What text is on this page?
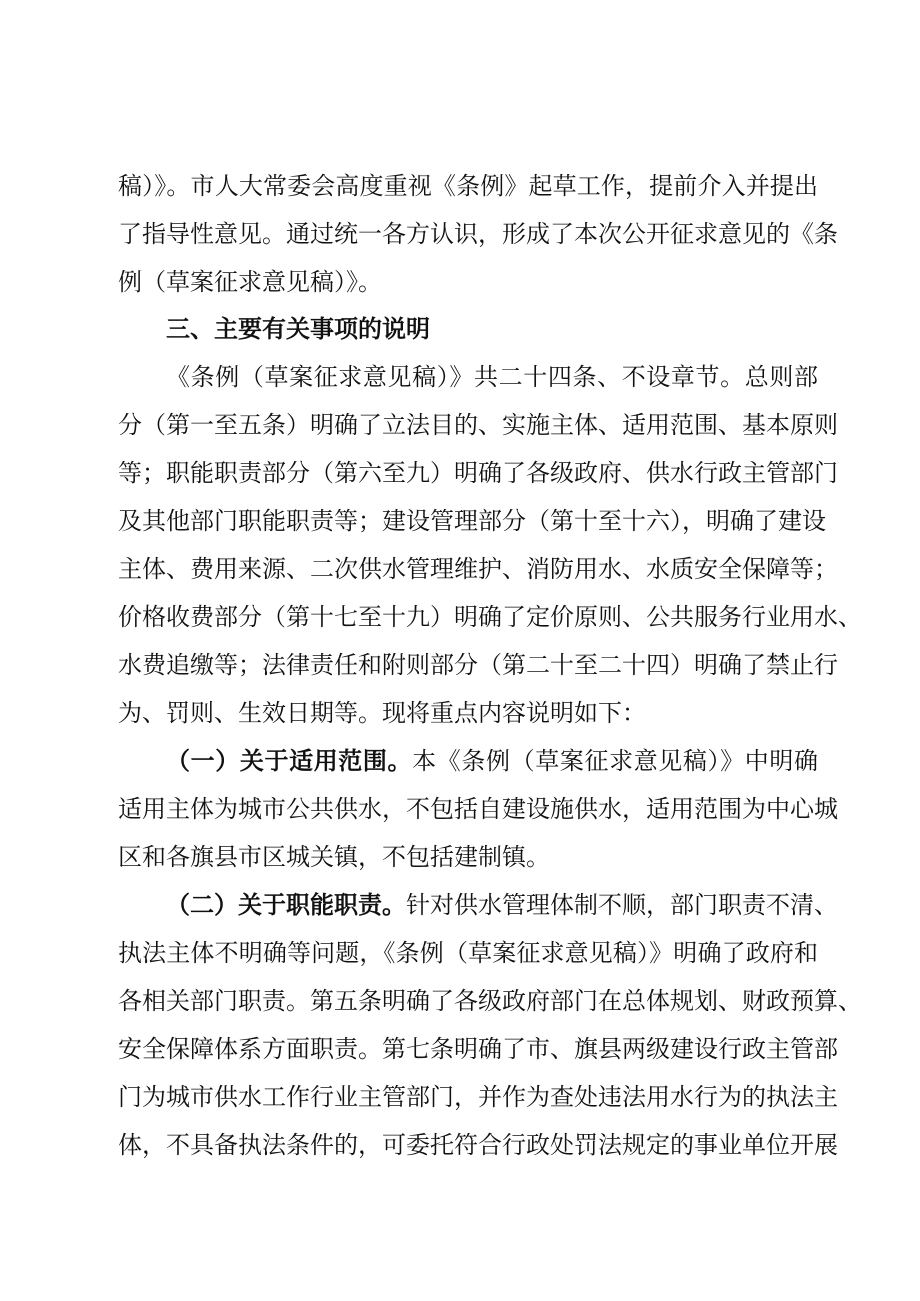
稿）》。市人大常委会高度重视《条例》起草工作，提前介入并提出
了指导性意见。通过统一各方认识，形成了本次公开征求意见的《条
例（草案征求意见稿）》。
三、主要有关事项的说明
《条例（草案征求意见稿）》共二十四条、不设章节。总则部
分（第一至五条）明确了立法目的、实施主体、适用范围、基本原则
等；职能职责部分（第六至九）明确了各级政府、供水行政主管部门
及其他部门职能职责等；建设管理部分（第十至十六），明确了建设
主体、费用来源、二次供水管理维护、消防用水、水质安全保障等；
价格收费部分（第十七至十九）明确了定价原则、公共服务行业用水、
水费追缴等；法律责任和附则部分（第二十至二十四）明确了禁止行
为、罚则、生效日期等。现将重点内容说明如下：
（一）关于适用范围。本《条例（草案征求意见稿）》中明确
适用主体为城市公共供水，不包括自建设施供水，适用范围为中心城
区和各旗县市区城关镇，不包括建制镇。
（二）关于职能职责。针对供水管理体制不顺，部门职责不清、
执法主体不明确等问题，《条例（草案征求意见稿）》明确了政府和
各相关部门职责。第五条明确了各级政府部门在总体规划、财政预算、
安全保障体系方面职责。第七条明确了市、旗县两级建设行政主管部
门为城市供水工作行业主管部门，并作为查处违法用水行为的执法主
体，不具备执法条件的，可委托符合行政处罚法规定的事业单位开展
